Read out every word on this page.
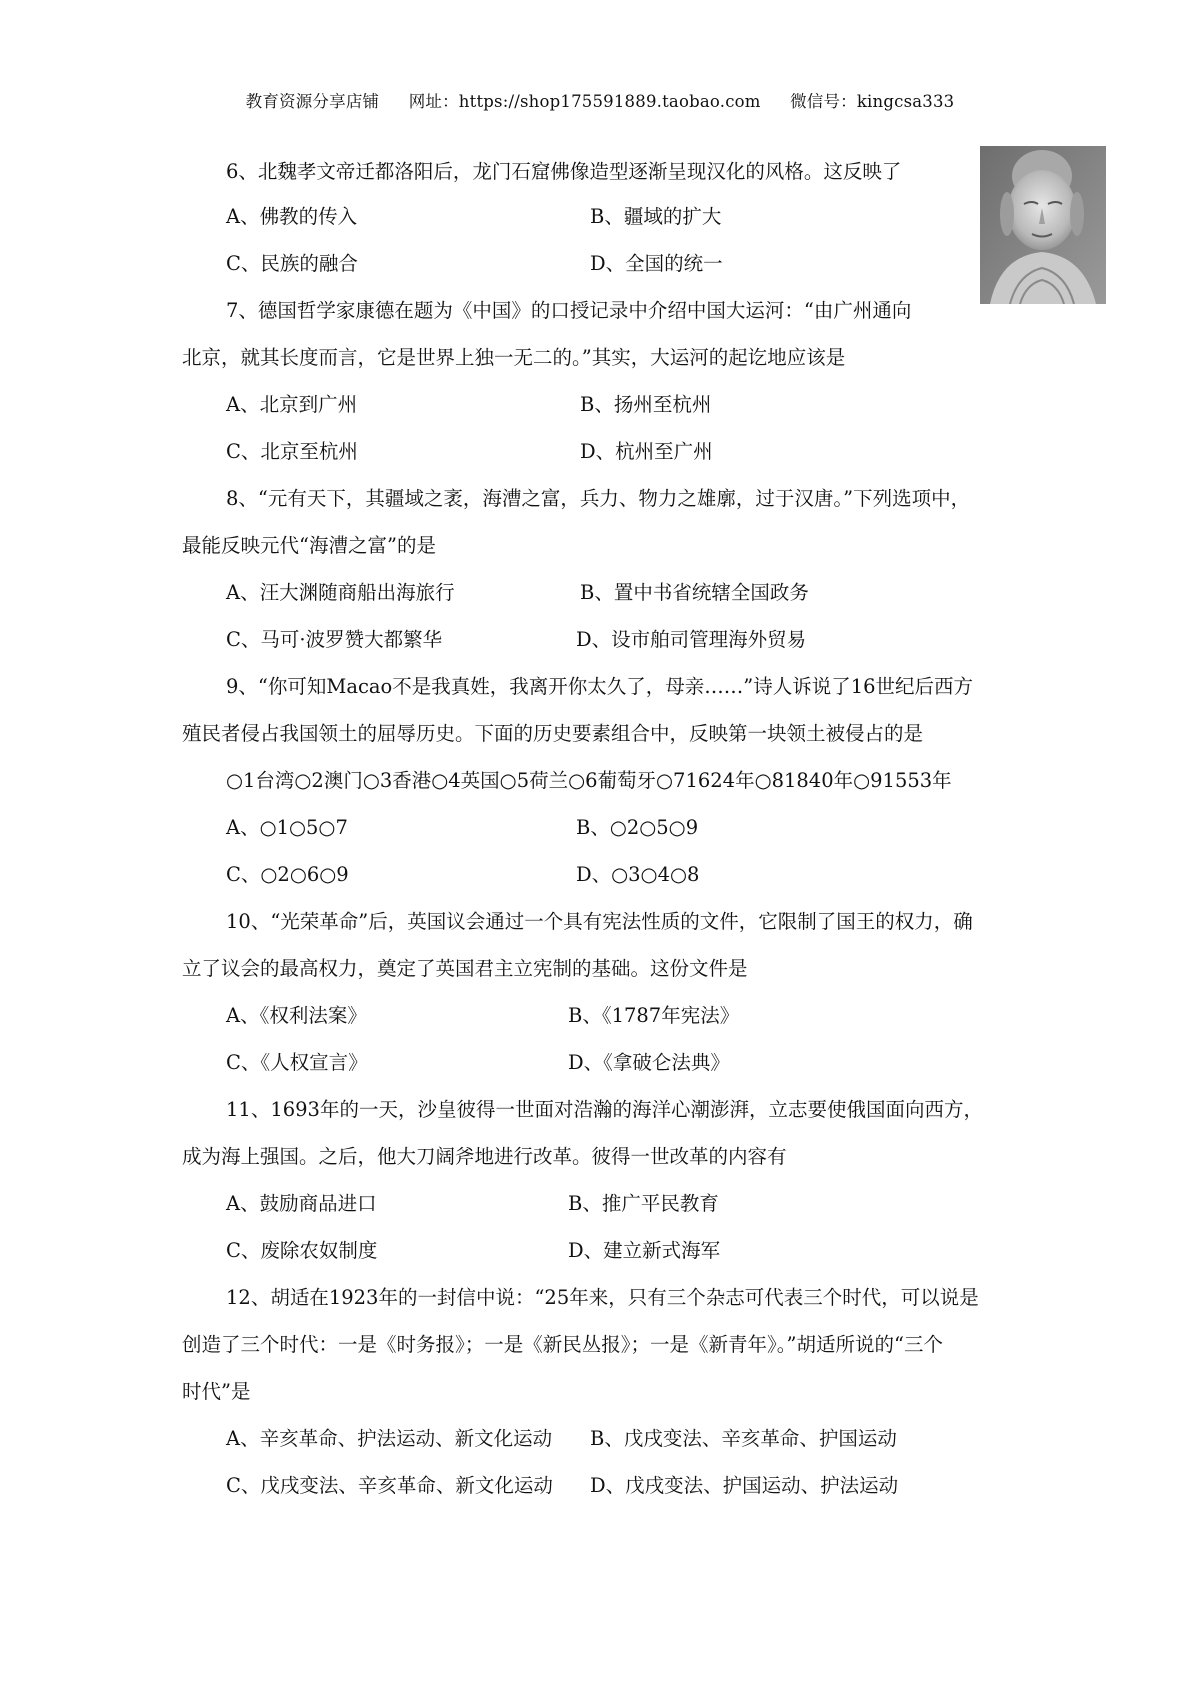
教育资源分享店铺 网址：https://shop175591889.taobao.com 微信号：kingcsa333
6、北魏孝文帝迁都洛阳后，龙门石窟佛像造型逐渐呈现汉化的风格。这反映了
A、佛教的传入	B、疆域的扩大
C、民族的融合	D、全国的统一
7、德国哲学家康德在题为《中国》的口授记录中介绍中国大运河：“由广州通向
北京，就其长度而言，它是世界上独一无二的。”其实，大运河的起讫地应该是
A、北京到广州	B、扬州至杭州
C、北京至杭州	D、杭州至广州
8、“元有天下，其疆域之袤，海漕之富，兵力、物力之雄廓，过于汉唐。”下列选项中，
最能反映元代“海漕之富”的是
A、汪大渊随商船出海旅行	B、置中书省统辖全国政务
C、马可·波罗赞大都繁华	D、设市舶司管理海外贸易
9、“你可知Macao不是我真姓，我离开你太久了，母亲……”诗人诉说了16世纪后西方
殖民者侵占我国领土的屈辱历史。下面的历史要素组合中，反映第一块领土被侵占的是
○1台湾○2澳门○3香港○4英国○5荷兰○6葡萄牙○71624年○81840年○91553年
A、○1○5○7	B、○2○5○9
C、○2○6○9	D、○3○4○8
10、“光荣革命”后，英国议会通过一个具有宪法性质的文件，它限制了国王的权力，确
立了议会的最高权力，奠定了英国君主立宪制的基础。这份文件是
A、《权利法案》	B、《1787年宪法》
C、《人权宣言》	D、《拿破仑法典》
11、1693年的一天，沙皇彼得一世面对浩瀚的海洋心潮澎湃，立志要使俄国面向西方，
成为海上强国。之后，他大刀阔斧地进行改革。彼得一世改革的内容有
A、鼓励商品进口	B、推广平民教育
C、废除农奴制度	D、建立新式海军
12、胡适在1923年的一封信中说：“25年来，只有三个杂志可代表三个时代，可以说是
创造了三个时代：一是《时务报》；一是《新民丛报》；一是《新青年》。”胡适所说的“三个
时代”是
A、辛亥革命、护法运动、新文化运动 B、戊戌变法、辛亥革命、护国运动
C、戊戌变法、辛亥革命、新文化运动 D、戊戌变法、护国运动、护法运动
